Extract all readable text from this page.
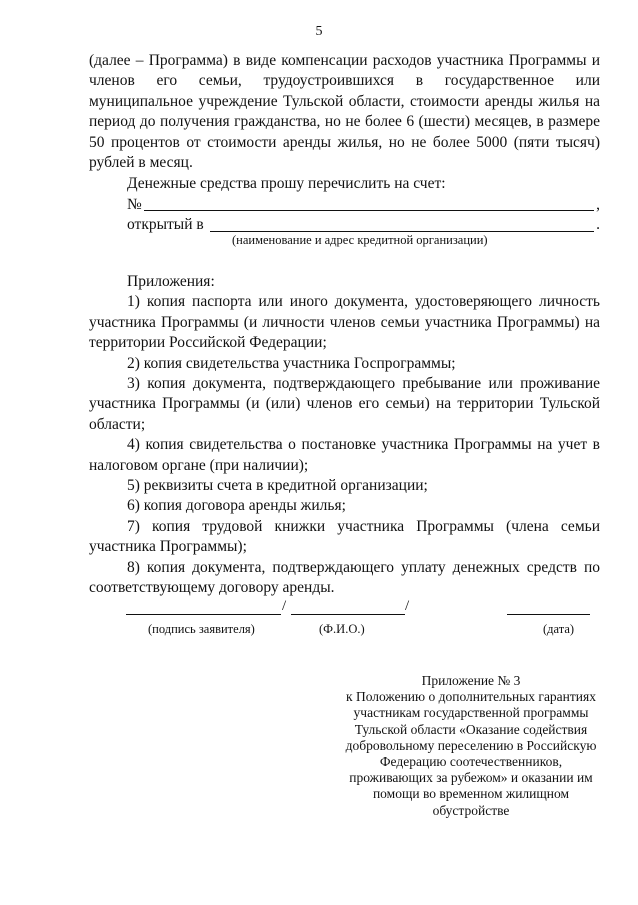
5

(далее – Программа) в виде компенсации расходов участника Программы и членов его семьи, трудоустроившихся в государственное или муниципальное учреждение Тульской области, стоимости аренды жилья на период до получения гражданства, но не более 6 (шести) месяцев, в размере 50 процентов от стоимости аренды жилья, но не более 5000 (пяти тысяч) рублей в месяц.

Денежные средства прошу перечислить на счет:
№	,
открытый в	.
(наименование и адрес кредитной организации)

Приложения:

1) копия паспорта или иного документа, удостоверяющего личность участника Программы (и личности членов семьи участника Программы) на территории Российской Федерации;

2) копия свидетельства участника Госпрограммы;

3) копия документа, подтверждающего пребывание или проживание участника Программы (и (или) членов его семьи) на территории Тульской области;

4) копия свидетельства о постановке участника Программы на учет в налоговом органе (при наличии);

5) реквизиты счета в кредитной организации;

6) копия договора аренды жилья;

7) копия трудовой книжки участника Программы (члена семьи участника Программы);

8) копия документа, подтверждающего уплату денежных средств по соответствующему договору аренды.

/	/
(подпись заявителя)	(Ф.И.О.)	(дата)
Приложение № 3
к Положению о дополнительных гарантиях
участникам государственной программы
Тульской области «Оказание содействия
добровольному переселению в Российскую
Федерацию соотечественников,
проживающих за рубежом» и оказании им
помощи во временном жилищном
обустройстве
